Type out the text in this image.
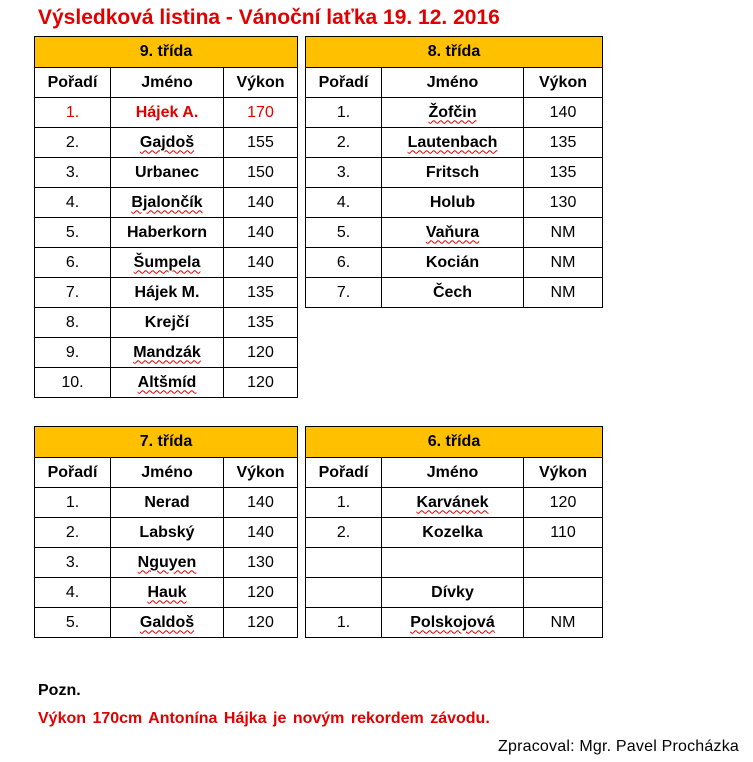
Výsledková listina - Vánoční laťka 19. 12. 2016
9. třída		
Pořadí	Jméno	Výkon
1.	Hájek A.	170
2.	Gajdoš	155
3.	Urbanec	150
4.	Bjalončík	140
5.	Haberkorn	140
6.	Šumpela	140
7.	Hájek M.	135
8.	Krejčí	135
9.	Mandzák	120
10.	Altšmíd	120
8. třída		
Pořadí	Jméno	Výkon
1.	Žofčin	140
2.	Lautenbach	135
3.	Fritsch	135
4.	Holub	130
5.	Vaňura	NM
6.	Kocián	NM
7.	Čech	NM
7. třída		
Pořadí	Jméno	Výkon
1.	Nerad	140
2.	Labský	140
3.	Nguyen	130
4.	Hauk	120
5.	Galdoš	120
6. třída		
Pořadí	Jméno	Výkon
1.	Karvánek	120
2.	Kozelka	110

	Dívky	
1.	Polskojová	NM
Pozn.
Výkon 170cm Antonína Hájka je novým rekordem závodu.
Zpracoval: Mgr. Pavel Procházka
